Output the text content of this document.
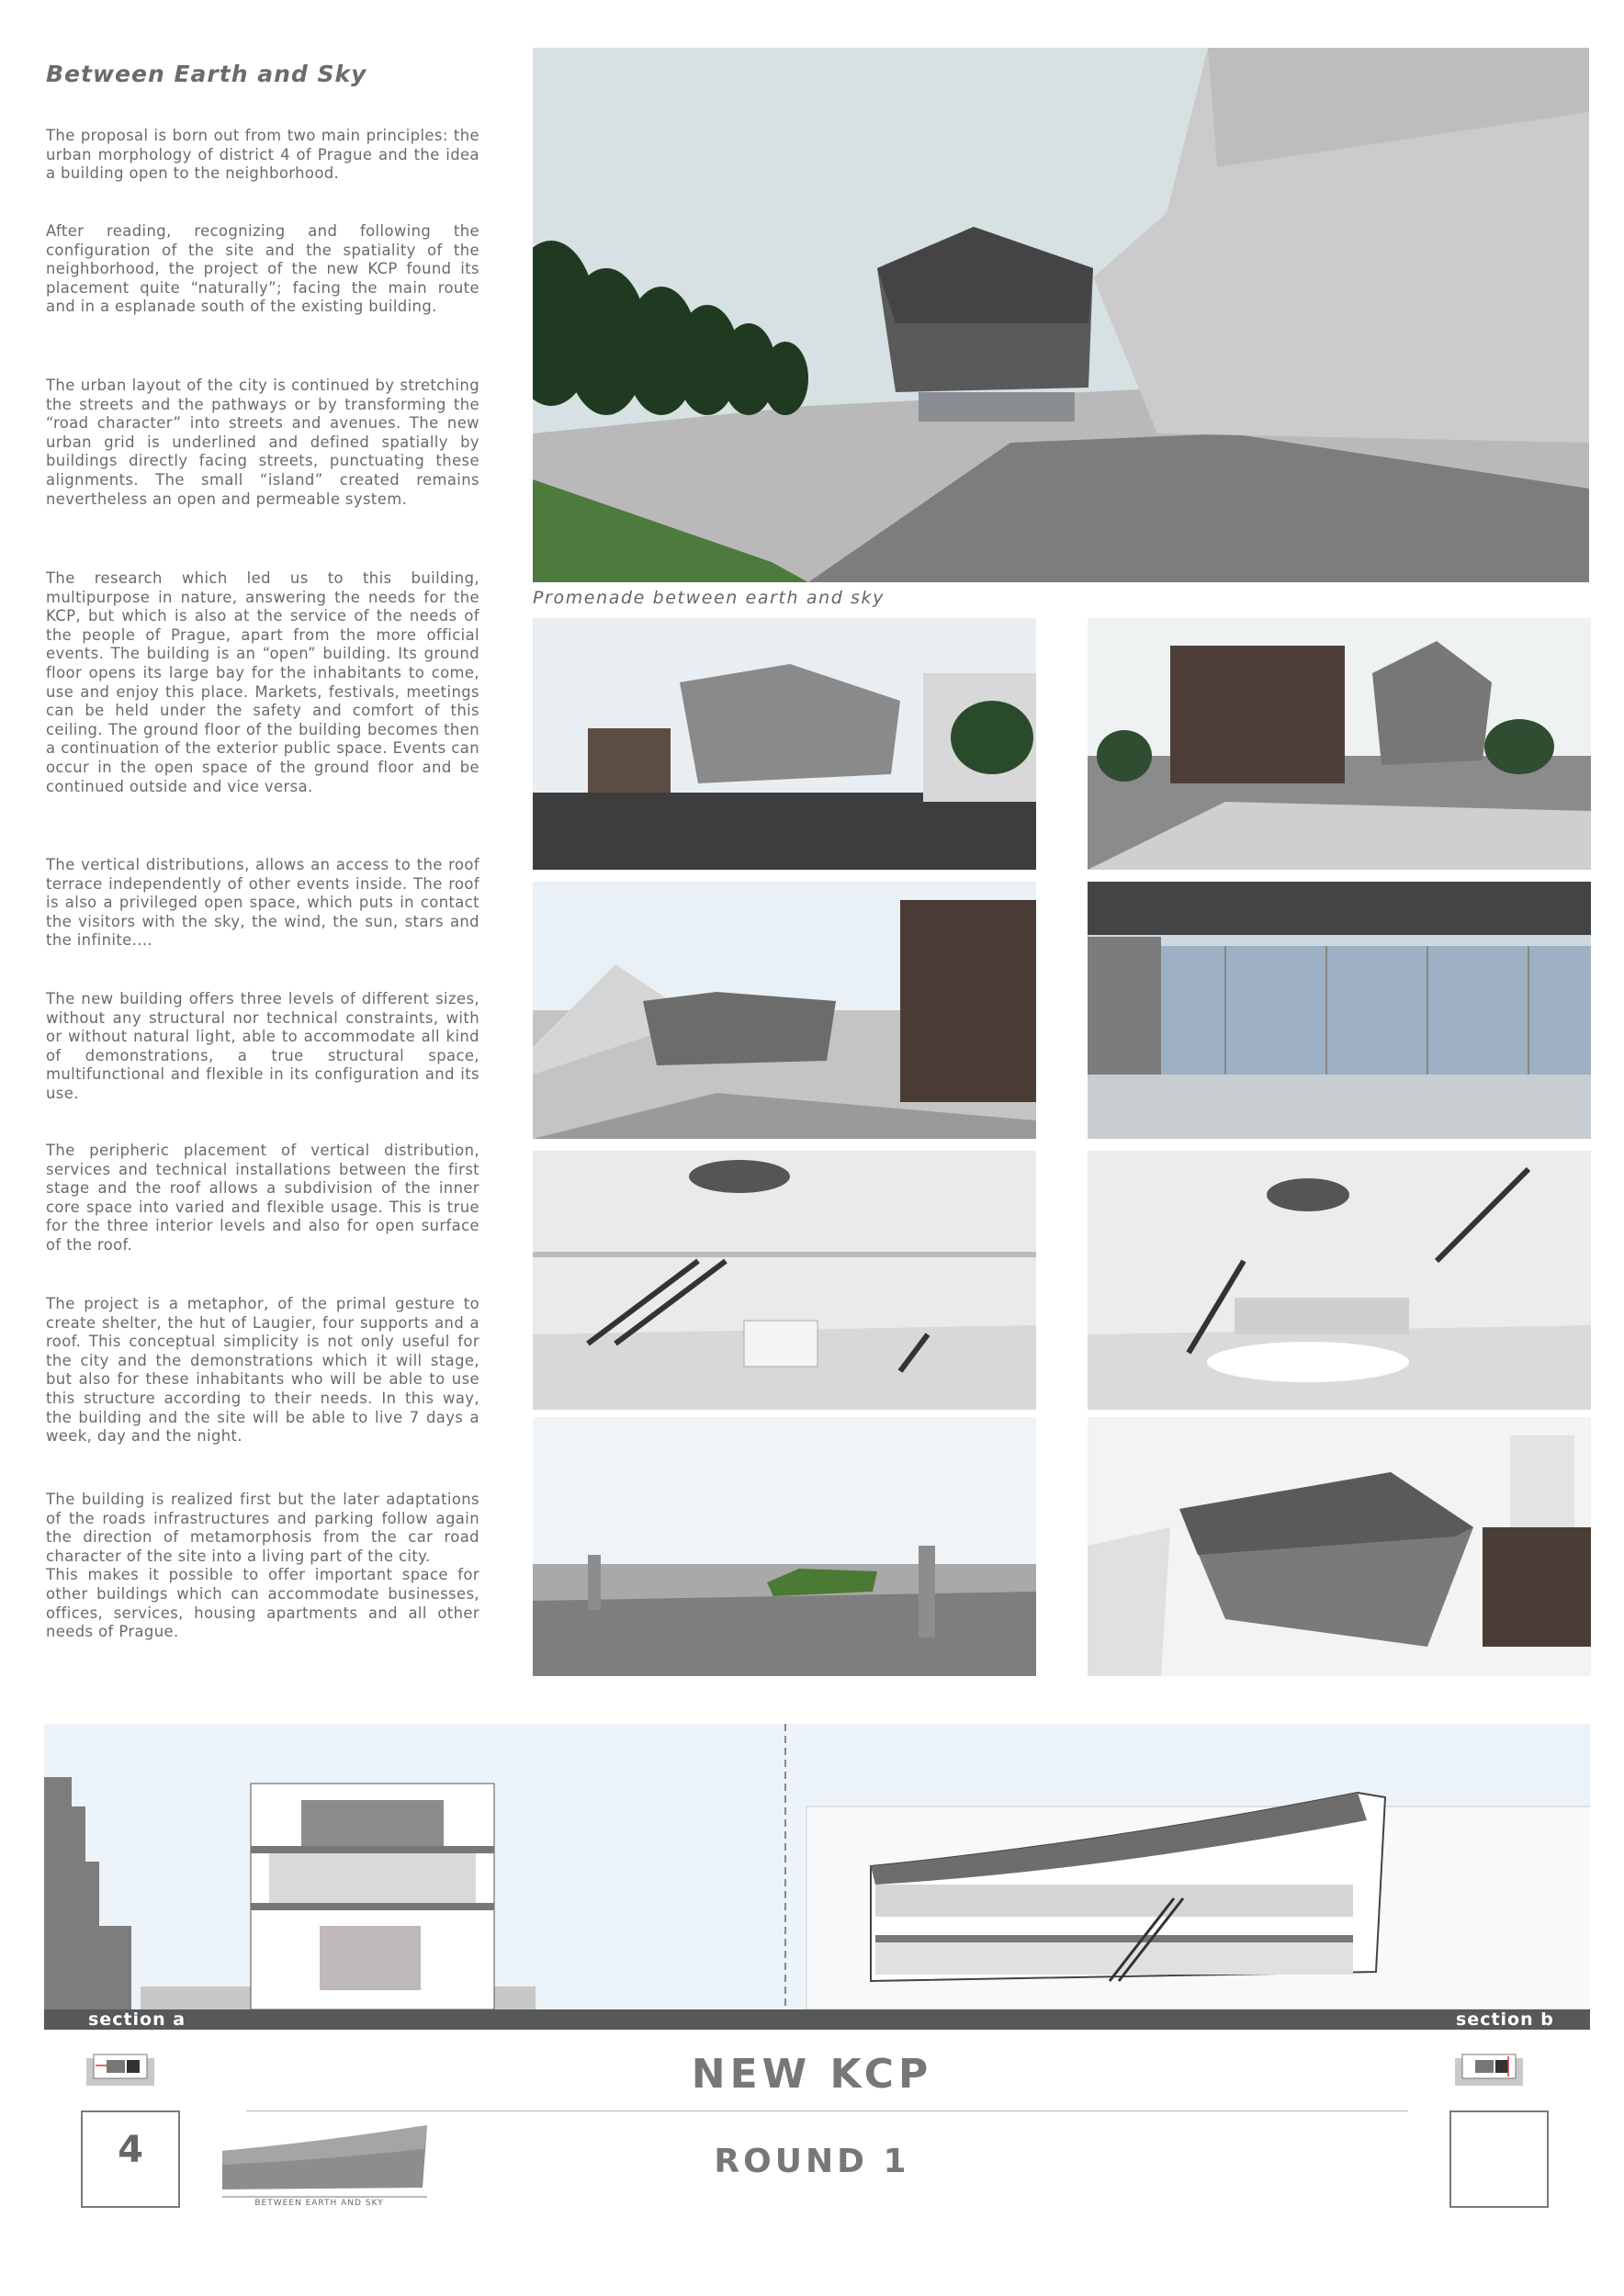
Between Earth and Sky
The proposal is born out from two main principles: the urban morphology of district 4 of Prague and the idea a building open to the neighborhood.
After reading, recognizing and following the configuration of the site and the spatiality of the neighborhood, the project of the new KCP found its placement quite “naturally”; facing the main route and in a esplanade south of the existing building.
The urban layout of the city is continued by stretching the streets and the pathways or by transforming the “road character” into streets and avenues. The new urban grid is underlined and defined spatially by buildings directly facing streets, punctuating these alignments. The small “island” created remains nevertheless an open and permeable system.
The research which led us to this building, multipurpose in nature, answering the needs for the KCP, but which is also at the service of the needs of the people of Prague, apart from the more official events. The building is an “open” building. Its ground floor opens its large bay for the inhabitants to come, use and enjoy this place. Markets, festivals, meetings can be held under the safety and comfort of this ceiling. The ground floor of the building becomes then a continuation of the exterior public space. Events can occur in the open space of the ground floor and be continued outside and vice versa.
The vertical distributions, allows an access to the roof terrace independently of other events inside. The roof is also a privileged open space, which puts in contact the visitors with the sky, the wind, the sun, stars and the infinite....
The new building offers three levels of different sizes, without any structural nor technical constraints, with or without natural light, able to accommodate all kind of demonstrations, a true structural space, multifunctional and flexible in its configuration and its use.
The peripheric placement of vertical distribution, services and technical installations between the first stage and the roof allows a subdivision of the inner core space into varied and flexible usage. This is true for the three interior levels and also for open surface of the roof.
The project is a metaphor, of the primal gesture to create shelter, the hut of Laugier, four supports and a roof. This conceptual simplicity is not only useful for the city and the demonstrations which it will stage, but also for these inhabitants who will be able to use this structure according to their needs. In this way, the building and the site will be able to live 7 days a week, day and the night.
The building is realized first but the later adaptations of the roads infrastructures and parking follow again the direction of metamorphosis from the car road character of the site into a living part of the city.
This makes it possible to offer important space for other buildings which can accommodate businesses, offices, services, housing apartments and all other needs of Prague.
Promenade between earth and sky
section a	section b
NEW KCP
ROUND 1
4
BETWEEN EARTH AND SKY
